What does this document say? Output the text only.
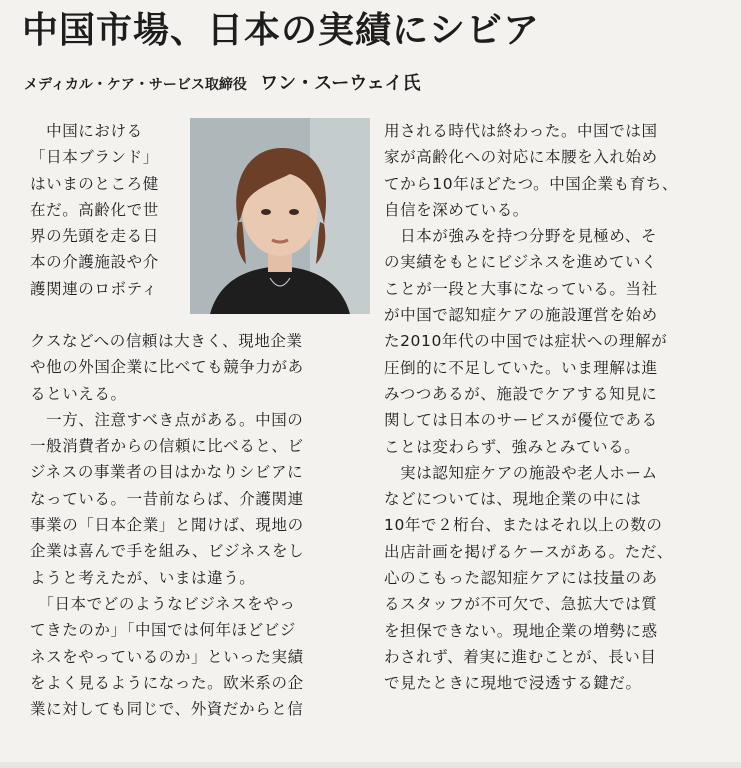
中国市場、日本の実績にシビア
メディカル・ケア・サービス取締役 ワン・スーウェイ氏
　中国における
「日本ブランド」
はいまのところ健
在だ。高齢化で世
界の先頭を走る日
本の介護施設や介
護関連のロボティ
クスなどへの信頼は大きく、現地企業
や他の外国企業に比べても競争力があ
るといえる。
　一方、注意すべき点がある。中国の
一般消費者からの信頼に比べると、ビ
ジネスの事業者の目はかなりシビアに
なっている。一昔前ならば、介護関連
事業の「日本企業」と聞けば、現地の
企業は喜んで手を組み、ビジネスをし
ようと考えたが、いまは違う。
　「日本でどのようなビジネスをやっ
てきたのか」「中国では何年ほどビジ
ネスをやっているのか」といった実績
をよく見るようになった。欧米系の企
業に対しても同じで、外資だからと信
用される時代は終わった。中国では国
家が高齢化への対応に本腰を入れ始め
てから10年ほどたつ。中国企業も育ち、
自信を深めている。
　日本が強みを持つ分野を見極め、そ
の実績をもとにビジネスを進めていく
ことが一段と大事になっている。当社
が中国で認知症ケアの施設運営を始め
た2010年代の中国では症状への理解が
圧倒的に不足していた。いま理解は進
みつつあるが、施設でケアする知見に
関しては日本のサービスが優位である
ことは変わらず、強みとみている。
　実は認知症ケアの施設や老人ホーム
などについては、現地企業の中には
10年で２桁台、またはそれ以上の数の
出店計画を掲げるケースがある。ただ、
心のこもった認知症ケアには技量のあ
るスタッフが不可欠で、急拡大では質
を担保できない。現地企業の増勢に惑
わされず、着実に進むことが、長い目
で見たときに現地で浸透する鍵だ。
